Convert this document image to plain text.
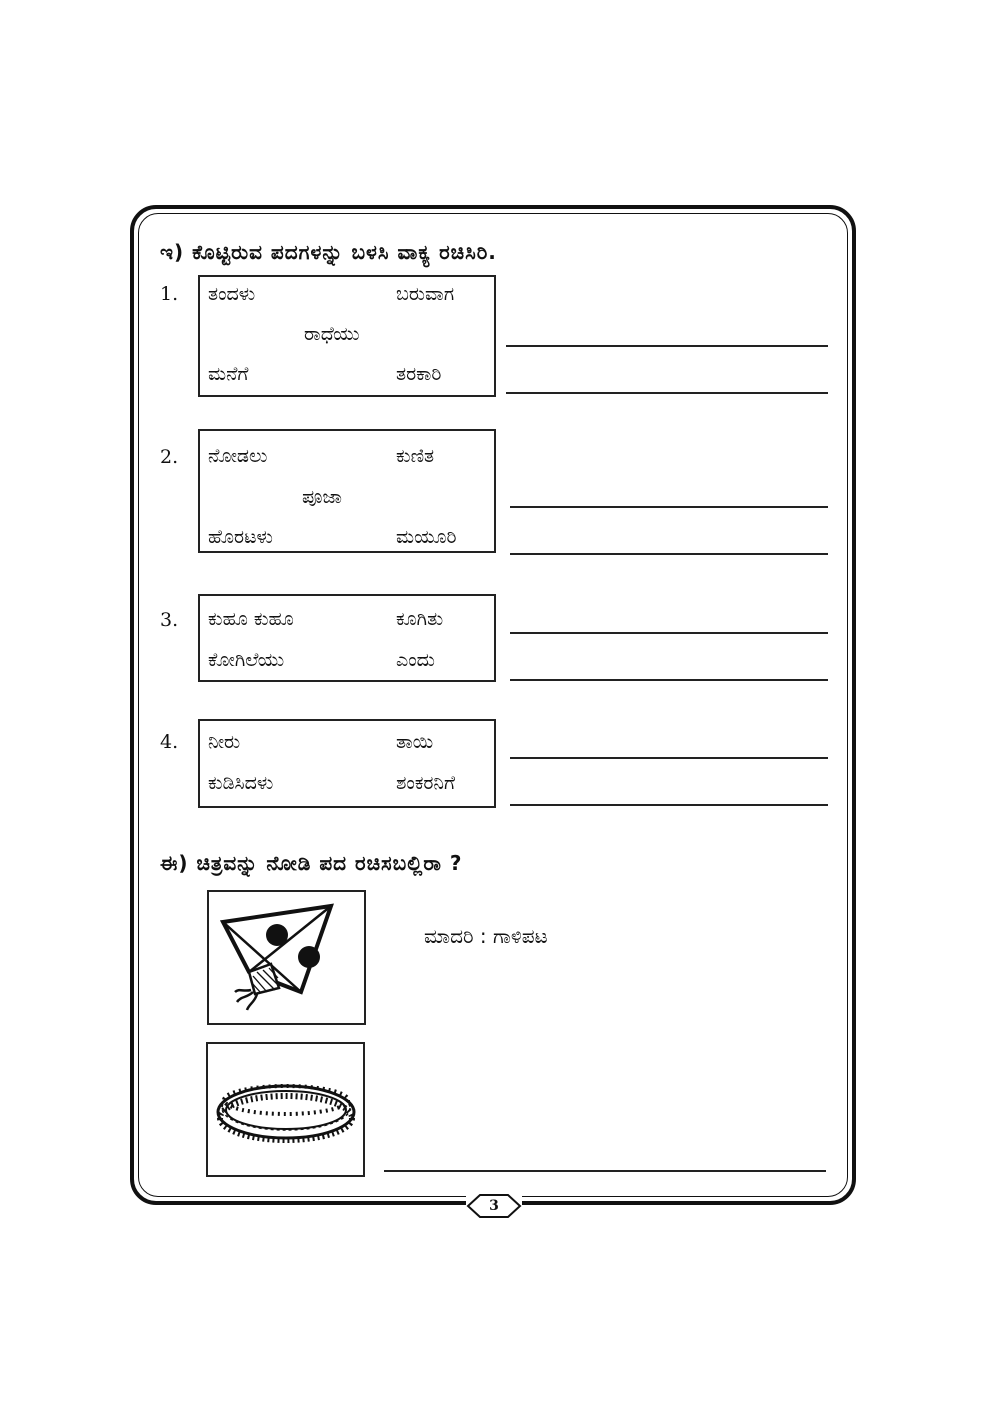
ಇ) ಕೊಟ್ಟಿರುವ ಪದಗಳನ್ನು ಬಳಸಿ ವಾಕ್ಯ ರಚಿಸಿರಿ.
1. ತಂದಳು	ಬರುವಾಗ
ರಾಧೆಯು
ಮನೆಗೆ	ತರಕಾರಿ
2. ನೋಡಲು	ಕುಣಿತ
ಪೂಜಾ
ಹೊರಟಳು	ಮಯೂರಿ
3. ಕುಹೂ ಕುಹೂ	ಕೂಗಿತು
ಕೋಗಿಲೆಯು	ಎಂದು
4. ನೀರು	ತಾಯಿ
ಕುಡಿಸಿದಳು	ಶಂಕರನಿಗೆ
ಈ) ಚಿತ್ರವನ್ನು ನೋಡಿ ಪದ ರಚಿಸಬಲ್ಲಿರಾ ?
ಮಾದರಿ : ಗಾಳಿಪಟ
3
